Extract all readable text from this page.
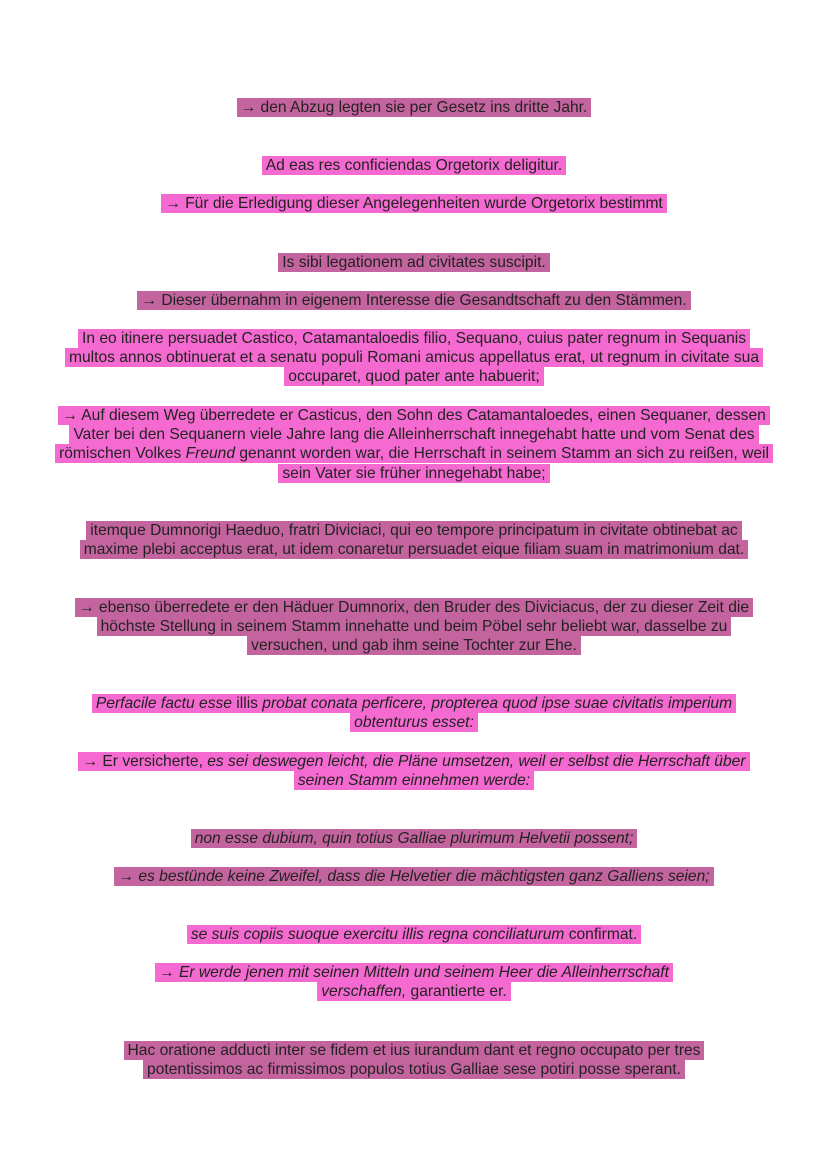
→ den Abzug legten sie per Gesetz ins dritte Jahr.

Ad eas res conficiendas Orgetorix deligitur.

→ Für die Erledigung dieser Angelegenheiten wurde Orgetorix bestimmt

Is sibi legationem ad civitates suscipit.

→ Dieser übernahm in eigenem Interesse die Gesandtschaft zu den Stämmen.

In eo itinere persuadet Castico, Catamantaloedis filio, Sequano, cuius pater regnum in Sequanis multos annos obtinuerat et a senatu populi Romani amicus appellatus erat, ut regnum in civitate sua occuparet, quod pater ante habuerit;

→ Auf diesem Weg überredete er Casticus, den Sohn des Catamantaloedes, einen Sequaner, dessen Vater bei den Sequanern viele Jahre lang die Alleinherrschaft innegehabt hatte und vom Senat des römischen Volkes Freund genannt worden war, die Herrschaft in seinem Stamm an sich zu reißen, weil sein Vater sie früher innegehabt habe;

itemque Dumnorigi Haeduo, fratri Diviciaci, qui eo tempore principatum in civitate obtinebat ac maxime plebi acceptus erat, ut idem conaretur persuadet eique filiam suam in matrimonium dat.

→ ebenso überredete er den Häduer Dumnorix, den Bruder des Diviciacus, der zu dieser Zeit die höchste Stellung in seinem Stamm innehatte und beim Pöbel sehr beliebt war, dasselbe zu versuchen, und gab ihm seine Tochter zur Ehe.

Perfacile factu esse illis probat conata perficere, propterea quod ipse suae civitatis imperium obtenturus esset:

→ Er versicherte, es sei deswegen leicht, die Pläne umsetzen, weil er selbst die Herrschaft über seinen Stamm einnehmen werde:

non esse dubium, quin totius Galliae plurimum Helvetii possent;

→ es bestünde keine Zweifel, dass die Helvetier die mächtigsten ganz Galliens seien;

se suis copiis suoque exercitu illis regna conciliaturum confirmat.

→ Er werde jenen mit seinen Mitteln und seinem Heer die Alleinherrschaft verschaffen, garantierte er.

Hac oratione adducti inter se fidem et ius iurandum dant et regno occupato per tres potentissimos ac firmissimos populos totius Galliae sese potiri posse sperant.
